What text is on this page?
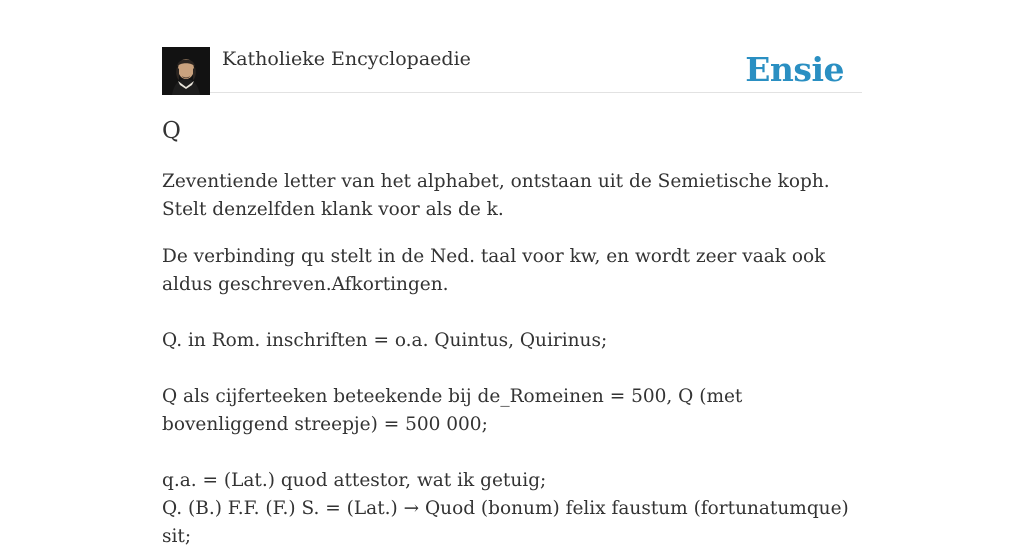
Katholieke Encyclopaedie	Ensie
Q

Zeventiende letter van het alphabet, ontstaan uit de Semietische koph. Stelt denzelfden klank voor als de k.

De verbinding qu stelt in de Ned. taal voor kw, en wordt zeer vaak ook aldus geschreven.Afkortingen.

Q. in Rom. inschriften = o.a. Quintus, Quirinus;

Q als cijferteeken beteekende bij de_Romeinen = 500, Q (met bovenliggend streepje) = 500 000;

q.a. = (Lat.) quod attestor, wat ik getuig;

Q. (B.) F.F. (F.) S. = (Lat.) → Quod (bonum) felix faustum (fortunatumque) sit;
